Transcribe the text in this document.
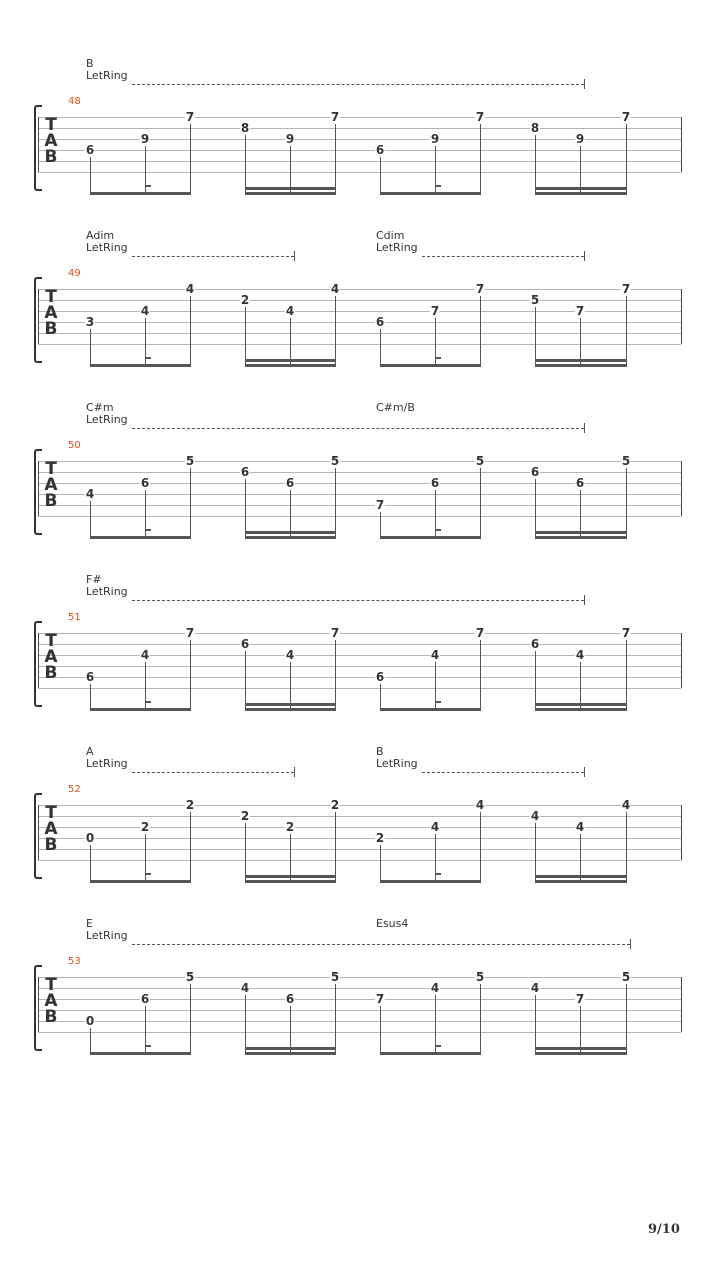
B
LetRing
48
T
A
B 6
9
7
8
9
7
6
9
7
8
9
7
Adim
LetRing
Cdim
LetRing
49
T
A
B 3
4
4
2
4
4
6
7
7
5
7
7
C#m
LetRing
C#m/B
50
T
A
B 4
6
5
6
6
5
7
6
5
6
6
5
F#
LetRing
51
T
A
B 6
4
7
6
4
7
6
4
7
6
4
7
A
LetRing
B
LetRing
52
T
A
B 0
2
2
2
2
2
2
4
4
4
4
4
E
LetRing
Esus4
53
T
A
B 0
6
5
4
6
5
7
4
5
4
7
5
9/10
